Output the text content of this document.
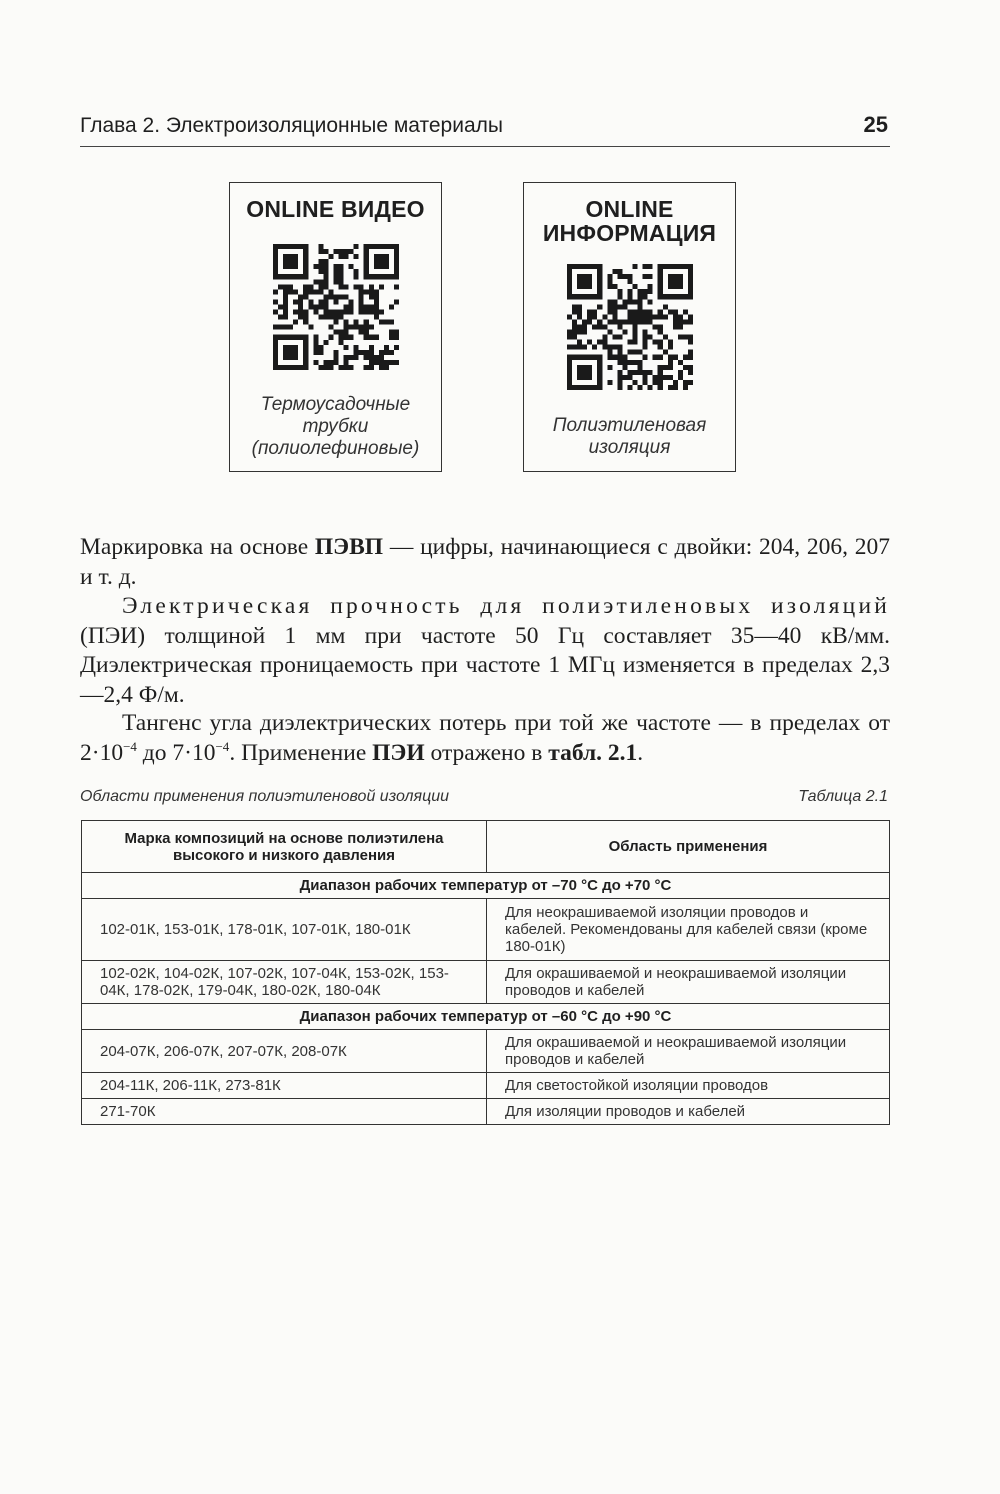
Глава 2. Электроизоляционные материалы	25
ONLINE ВИДЕО
Термоусадочные
трубки
(полиолефиновые)
ONLINE
ИНФОРМАЦИЯ
Полиэтиленовая
изоляция

Маркировка на основе ПЭВП — цифры, начинающиеся с двойки: 204, 206, 207 и т. д.

Электрическая прочность для полиэтиленовых изоляций (ПЭИ) толщиной 1 мм при частоте 50 Гц составляет 35—40 кВ/мм. Диэлектрическая проницаемость при частоте 1 МГц изменяется в пределах 2,3—2,4 Ф/м.

Тангенс угла диэлектрических потерь при той же частоте — в пределах от $2\cdot 10^{-4}$ до $7\cdot 10^{-4}$. Применение ПЭИ отражено в табл. 2.1.

Области применения полиэтиленовой изоляции	Таблица 2.1
Марка композиций на основе полиэтилена высокого и низкого давления	Область применения
Диапазон рабочих температур от –70 °С до +70 °С	
102-01К, 153-01К, 178-01К, 107-01К, 180-01К	Для неокрашиваемой изоляции проводов и кабелей. Рекомендованы для кабелей связи (кроме 180-01К)
102-02К, 104-02К, 107-02К, 107-04К, 153-02К, 153-04К, 178-02К, 179-04К, 180-02К, 180-04К	Для окрашиваемой и неокрашиваемой изоляции проводов и кабелей
Диапазон рабочих температур от –60 °С до +90 °С	
204-07К, 206-07К, 207-07К, 208-07К	Для окрашиваемой и неокрашиваемой изоляции проводов и кабелей
204-11К, 206-11К, 273-81К	Для светостойкой изоляции проводов
271-70К	Для изоляции проводов и кабелей
